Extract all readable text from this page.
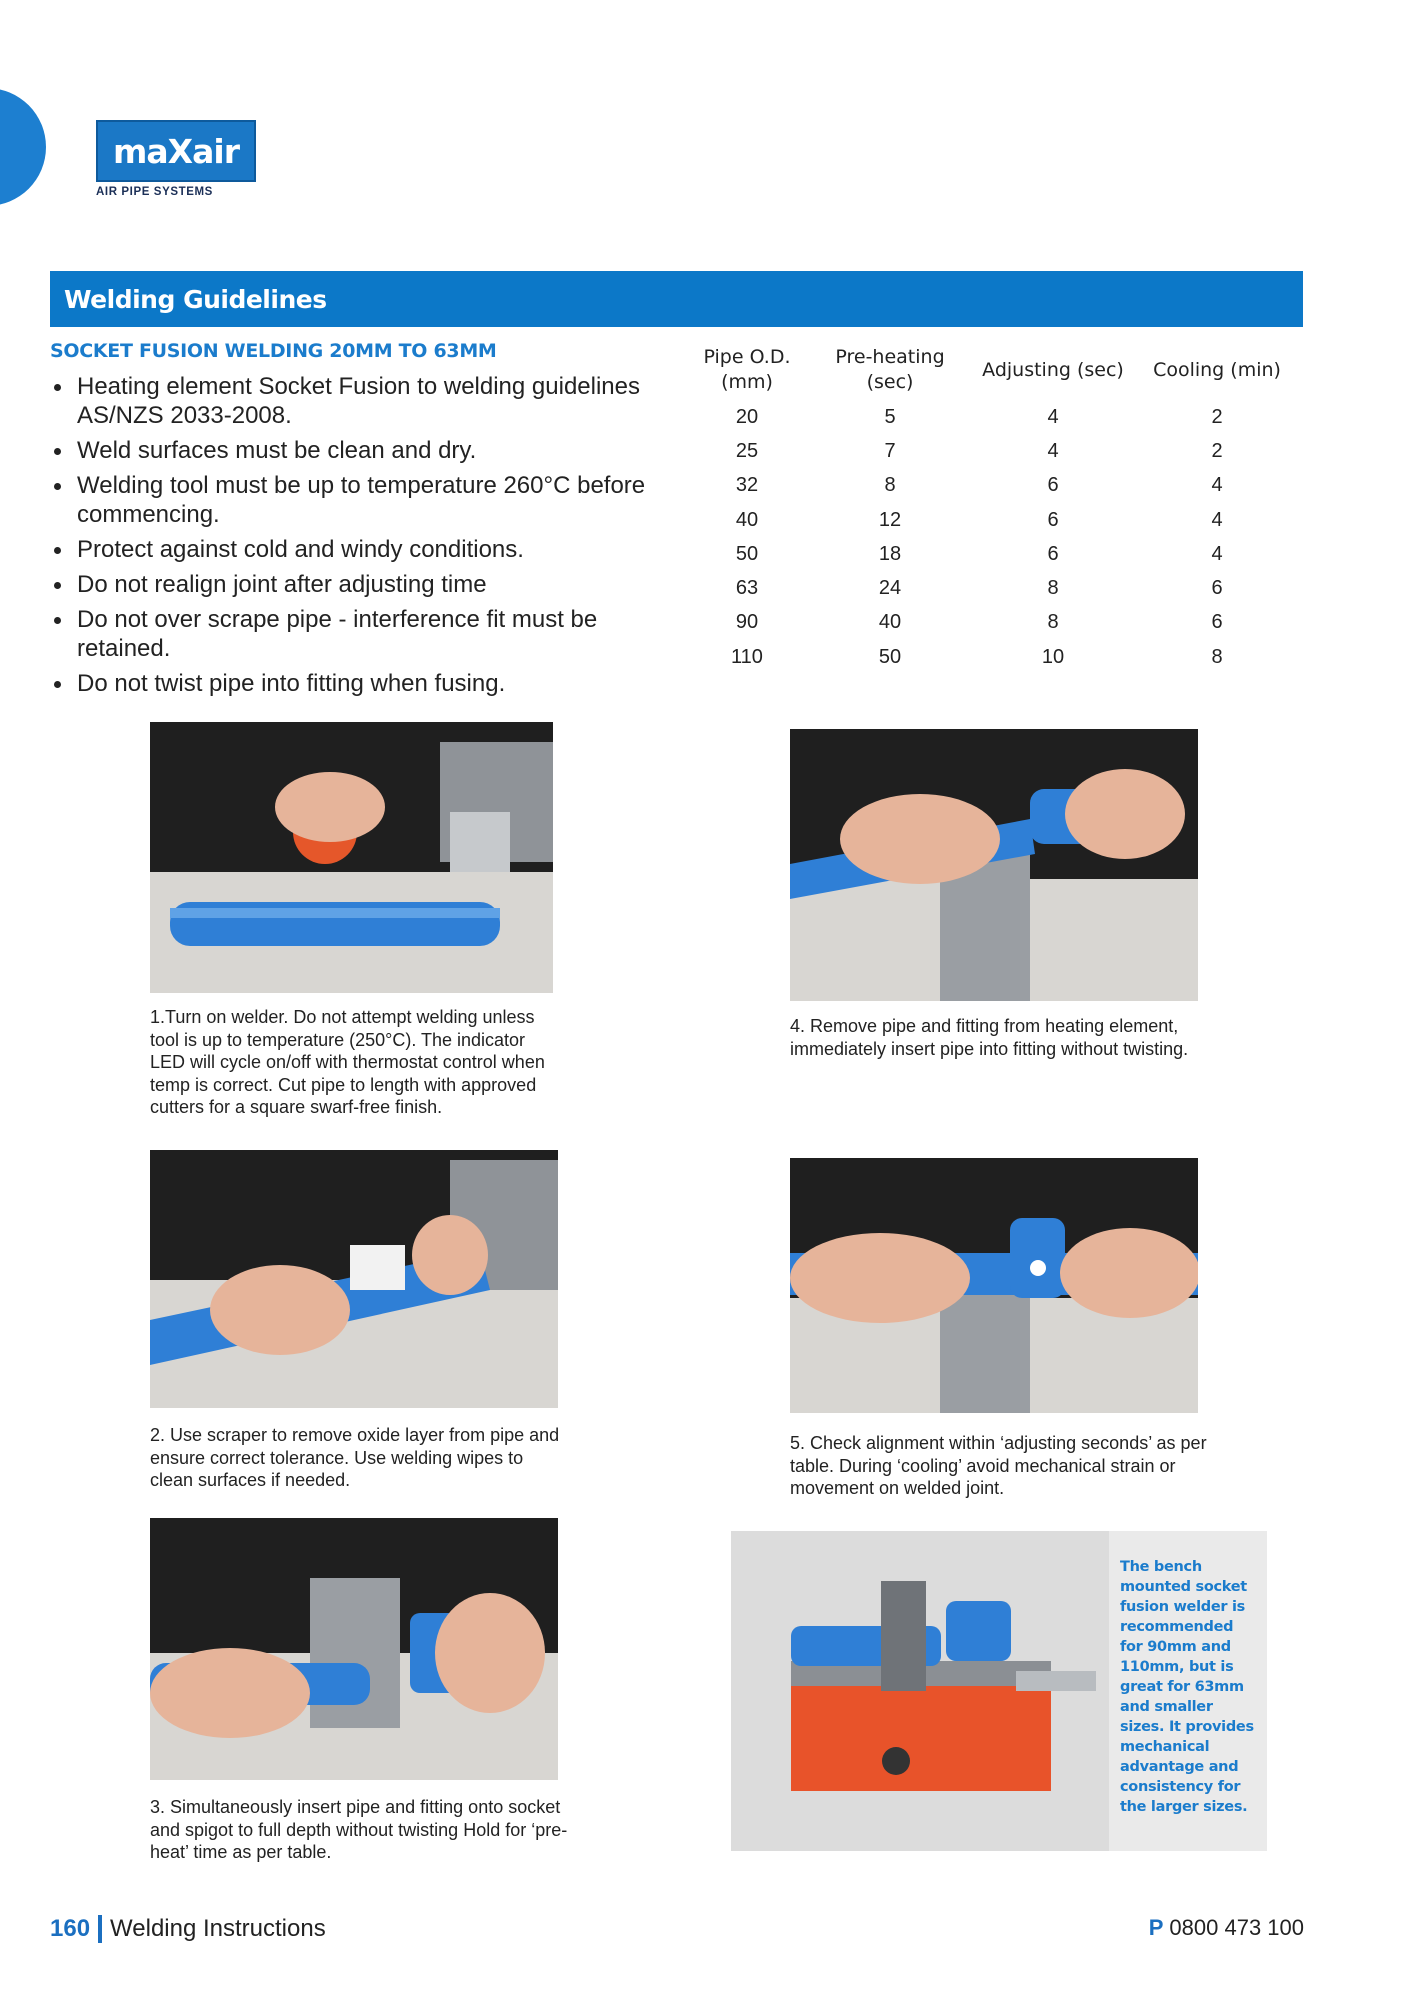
maXair
AIR PIPE SYSTEMS
Welding Guidelines
SOCKET FUSION WELDING 20MM TO 63MM
Heating element Socket Fusion to welding guidelines AS/NZS 2033-2008.
Weld surfaces must be clean and dry.
Welding tool must be up to temperature 260°C before commencing.
Protect against cold and windy conditions.
Do not realign joint after adjusting time
Do not over scrape pipe - interference fit must be retained.
Do not twist pipe into fitting when fusing.
Pipe O.D. (mm)	Pre-heating (sec)	Adjusting (sec)	Cooling (min)
20	5	4	2
25	7	4	2
32	8	6	4
40	12	6	4
50	18	6	4
63	24	8	6
90	40	8	6
110	50	10	8
1.Turn on welder. Do not attempt welding unless tool is up to temperature (250°C). The indicator LED will cycle on/off with thermostat control when temp is correct. Cut pipe to length with approved cutters for a square swarf-free finish.
2. Use scraper to remove oxide layer from pipe and ensure correct tolerance. Use welding wipes to clean surfaces if needed.
3. Simultaneously insert pipe and fitting onto socket and spigot to full depth without twisting Hold for ‘pre-heat’ time as per table.
4. Remove pipe and fitting from heating element, immediately insert pipe into fitting without twisting.
5. Check alignment within ‘adjusting seconds’ as per table. During ‘cooling’ avoid mechanical strain or movement on welded joint.
The bench mounted socket fusion welder is recommended for 90mm and 110mm, but is great for 63mm and smaller sizes. It provides mechanical advantage and consistency for the larger sizes.
160 Welding Instructions	P 0800 473 100
